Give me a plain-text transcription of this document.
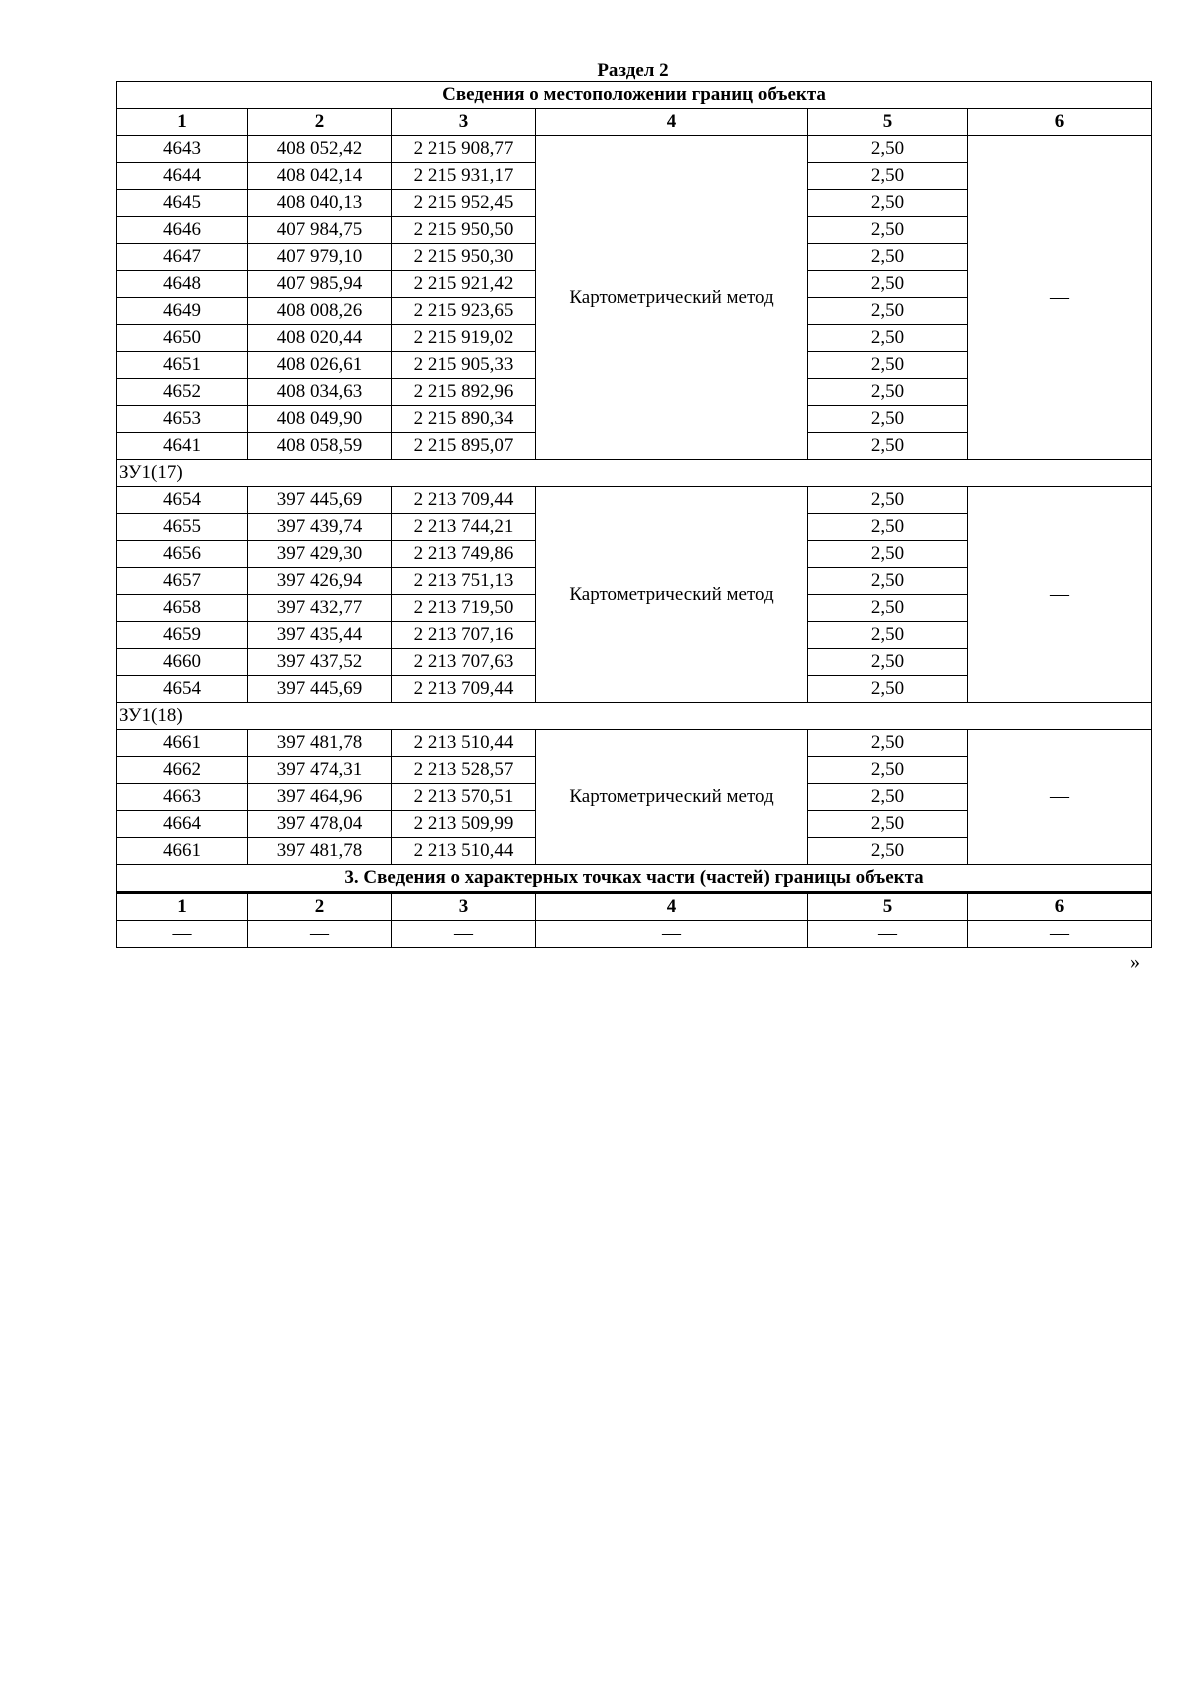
Раздел 2
Сведения о местоположении границ объекта					
1	2	3	4	5	6
4643	408 052,42	2 215 908,77	Картометрический метод	2,50	—
4644	408 042,14	2 215 931,17		2,50	
4645	408 040,13	2 215 952,45		2,50	
4646	407 984,75	2 215 950,50		2,50	
4647	407 979,10	2 215 950,30		2,50	
4648	407 985,94	2 215 921,42		2,50	
4649	408 008,26	2 215 923,65		2,50	
4650	408 020,44	2 215 919,02		2,50	
4651	408 026,61	2 215 905,33		2,50	
4652	408 034,63	2 215 892,96		2,50	
4653	408 049,90	2 215 890,34		2,50	
4641	408 058,59	2 215 895,07		2,50	
ЗУ1(17)					
4654	397 445,69	2 213 709,44	Картометрический метод	2,50	—
4655	397 439,74	2 213 744,21		2,50	
4656	397 429,30	2 213 749,86		2,50	
4657	397 426,94	2 213 751,13		2,50	
4658	397 432,77	2 213 719,50		2,50	
4659	397 435,44	2 213 707,16		2,50	
4660	397 437,52	2 213 707,63		2,50	
4654	397 445,69	2 213 709,44		2,50	
ЗУ1(18)					
4661	397 481,78	2 213 510,44	Картометрический метод	2,50	—
4662	397 474,31	2 213 528,57		2,50	
4663	397 464,96	2 213 570,51		2,50	
4664	397 478,04	2 213 509,99		2,50	
4661	397 481,78	2 213 510,44		2,50	
3. Сведения о характерных точках части (частей) границы объекта					
1	2	3	4	5	6
—	—	—	—	—	—
»
